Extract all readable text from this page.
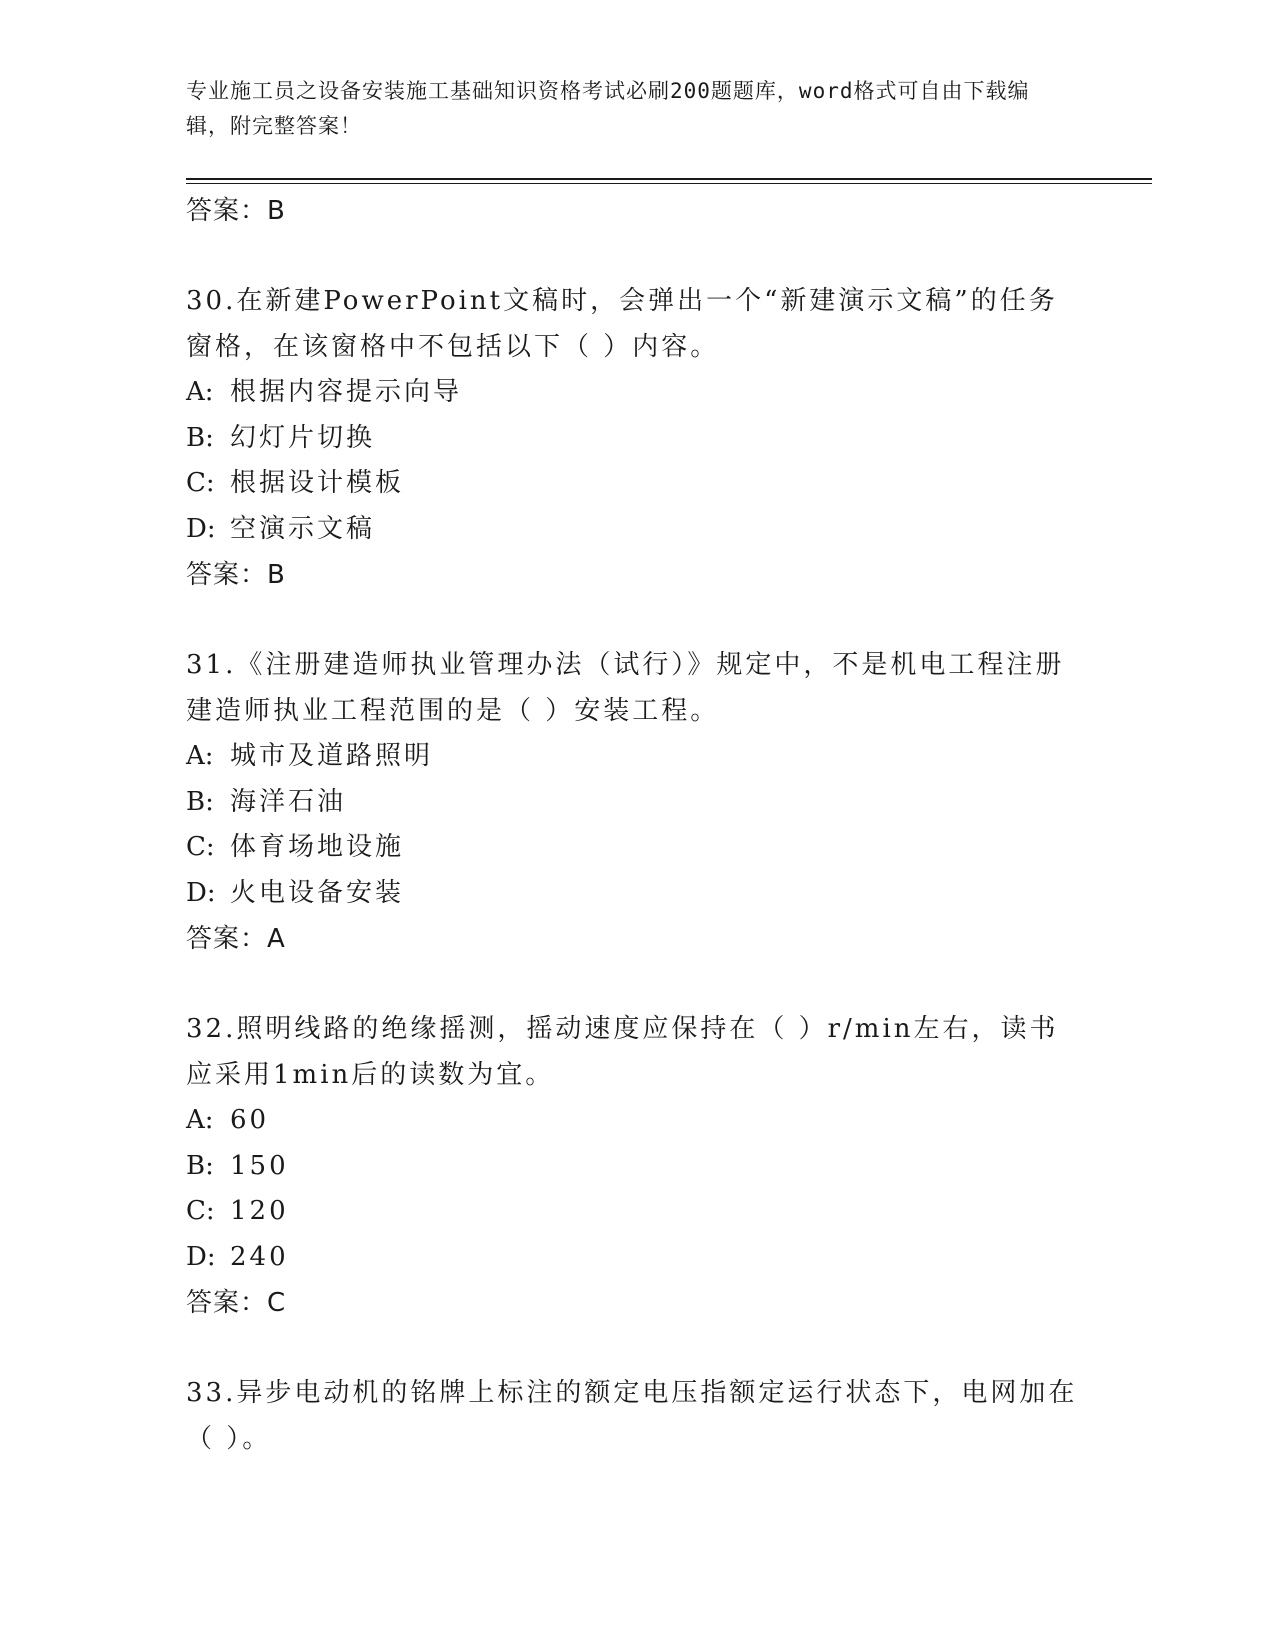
专业施工员之设备安装施工基础知识资格考试必刷200题题库，word格式可自由下载编辑，附完整答案！
答案：B
30.在新建PowerPoint文稿时，会弹出一个“新建演示文稿”的任务窗格，在该窗格中不包括以下（ ）内容。
A: 根据内容提示向导
B: 幻灯片切换
C: 根据设计模板
D: 空演示文稿
答案：B
31.《注册建造师执业管理办法（试行）》规定中，不是机电工程注册建造师执业工程范围的是（ ）安装工程。
A: 城市及道路照明
B: 海洋石油
C: 体育场地设施
D: 火电设备安装
答案：A
32.照明线路的绝缘摇测，摇动速度应保持在（ ）r/min左右，读书应采用1min后的读数为宜。
A: 60
B: 150
C: 120
D: 240
答案：C
33.异步电动机的铭牌上标注的额定电压指额定运行状态下，电网加在（ ）。
